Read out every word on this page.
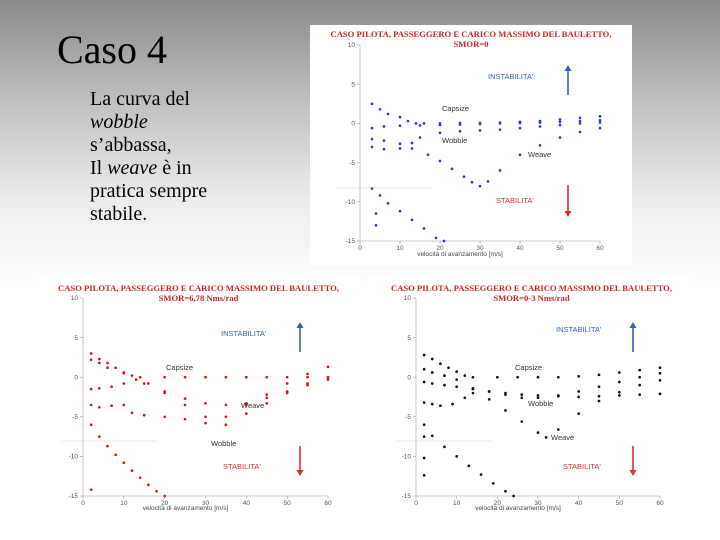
Caso 4
La curva del
wobble
s’abbassa,
Il weave è in
pratica sempre
stabile.
CASO PILOTA, PASSEGGERO E CARICO MASSIMO DEL BAULETTO,
SMOR=0
10
5
0
-5
-10
-15
0	10	20	30	40	50	60
velocità di avanzamento [m/s]
Capsize
Wobble
Weave
INSTABILITA'
STABILITA'
CASO PILOTA, PASSEGGERO E CARICO MASSIMO DEL BAULETTO,
SMOR=6,78 Nms/rad
10
5
0
-5
-10
-15
0	10	20	30	40	50	60
velocità di avanzamento [m/s]
Capsize
Wobble
Weave
INSTABILITA'
STABILITA'
CASO PILOTA, PASSEGGERO E CARICO MASSIMO DEL BAULETTO,
SMOR=0-3 Nms/rad
10
5
0
-5
-10
-15
0	10	20	30	40	50	60
velocità di avanzamento [m/s]
Capsize
Wobble
Weave
INSTABILITA'
STABILITA'
